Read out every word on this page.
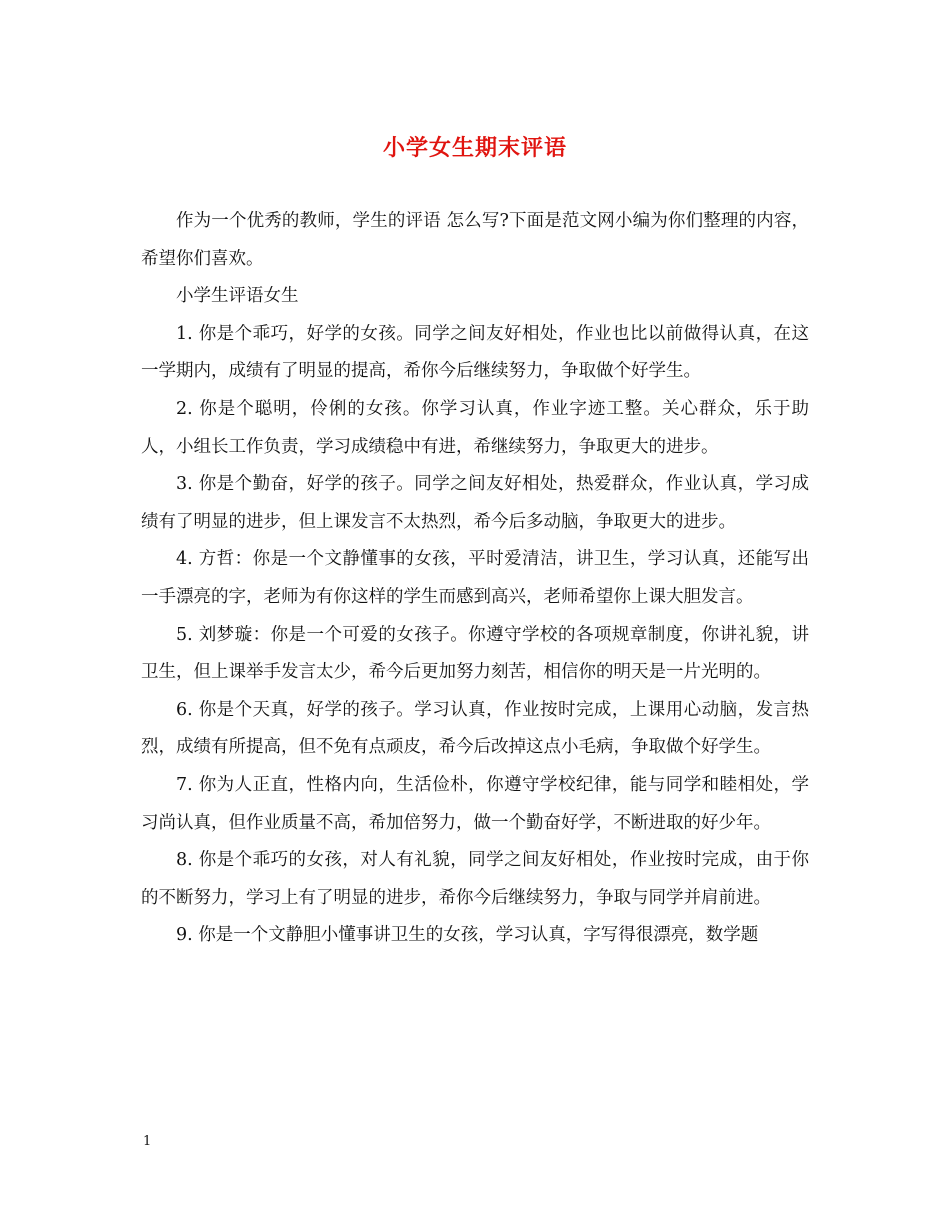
小学女生期末评语

作为一个优秀的教师，学生的评语 怎么写?下面是范文网小编为你们整理的内容，希望你们喜欢。

小学生评语女生

1. 你是个乖巧，好学的女孩。同学之间友好相处，作业也比以前做得认真，在这一学期内，成绩有了明显的提高，希你今后继续努力，争取做个好学生。

2. 你是个聪明，伶俐的女孩。你学习认真，作业字迹工整。关心群众，乐于助人，小组长工作负责，学习成绩稳中有进，希继续努力，争取更大的进步。

3. 你是个勤奋，好学的孩子。同学之间友好相处，热爱群众，作业认真，学习成绩有了明显的进步，但上课发言不太热烈，希今后多动脑，争取更大的进步。

4. 方哲：你是一个文静懂事的女孩，平时爱清洁，讲卫生，学习认真，还能写出一手漂亮的字，老师为有你这样的学生而感到高兴，老师希望你上课大胆发言。

5. 刘梦璇：你是一个可爱的女孩子。你遵守学校的各项规章制度，你讲礼貌，讲卫生，但上课举手发言太少，希今后更加努力刻苦，相信你的明天是一片光明的。

6. 你是个天真，好学的孩子。学习认真，作业按时完成，上课用心动脑，发言热烈，成绩有所提高，但不免有点顽皮，希今后改掉这点小毛病，争取做个好学生。

7. 你为人正直，性格内向，生活俭朴，你遵守学校纪律，能与同学和睦相处，学习尚认真，但作业质量不高，希加倍努力，做一个勤奋好学，不断进取的好少年。

8. 你是个乖巧的女孩，对人有礼貌，同学之间友好相处，作业按时完成，由于你的不断努力，学习上有了明显的进步，希你今后继续努力，争取与同学并肩前进。

9. 你是一个文静胆小懂事讲卫生的女孩，学习认真，字写得很漂亮，数学题

1
